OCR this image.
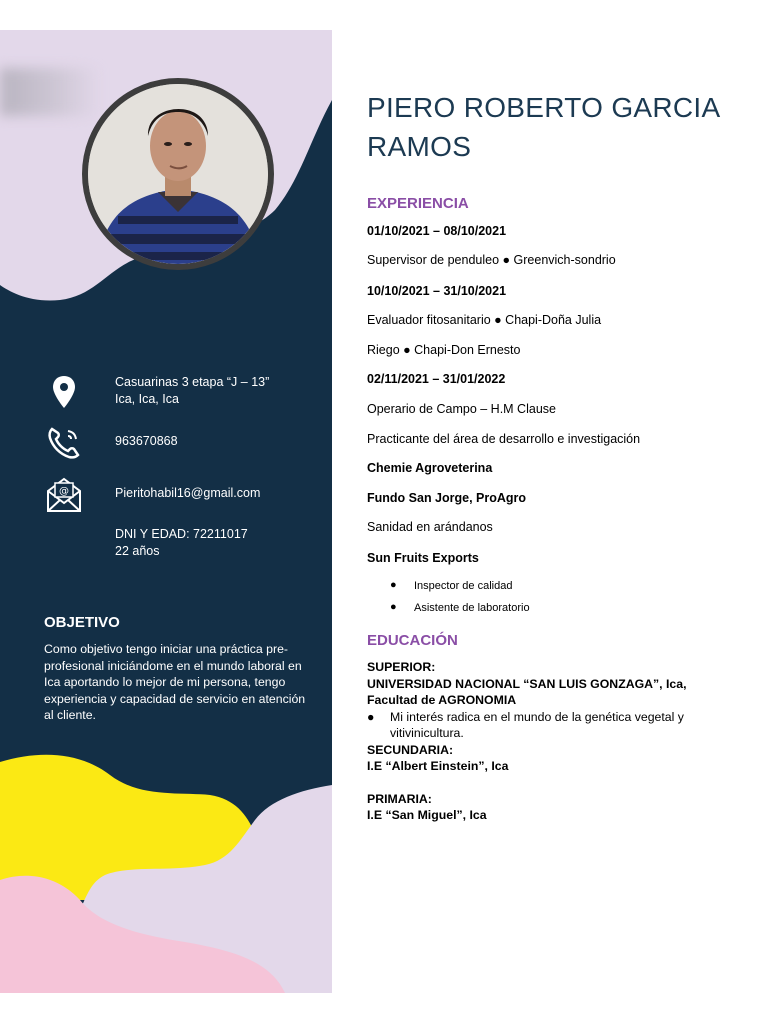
Casuarinas 3 etapa “J – 13”
Ica, Ica, Ica
963670868
@	Pieritohabil16@gmail.com
DNI Y EDAD: 72211017
22 años
OBJETIVO
Como objetivo tengo iniciar una práctica pre-profesional iniciándome en el mundo laboral en Ica aportando lo mejor de mi persona, tengo experiencia y capacidad de servicio en atención al cliente.
PIERO ROBERTO GARCIA RAMOS
EXPERIENCIA
01/10/2021 – 08/10/2021
Supervisor de penduleo ● Greenvich-sondrio
10/10/2021 – 31/10/2021
Evaluador fitosanitario ● Chapi-Doña Julia
Riego ● Chapi-Don Ernesto
02/11/2021 – 31/01/2022
Operario de Campo – H.M Clause
Practicante del área de desarrollo e investigación
Chemie Agroveterina
Fundo San Jorge, ProAgro
Sanidad en arándanos
Sun Fruits Exports
● Inspector de calidad
● Asistente de laboratorio
EDUCACIÓN
SUPERIOR:
UNIVERSIDAD NACIONAL “SAN LUIS GONZAGA”, Ica,
Facultad de AGRONOMIA
● Mi interés radica en el mundo de la genética vegetal y vitivinicultura.
SECUNDARIA:
I.E “Albert Einstein”, Ica
PRIMARIA:
I.E “San Miguel”, Ica
